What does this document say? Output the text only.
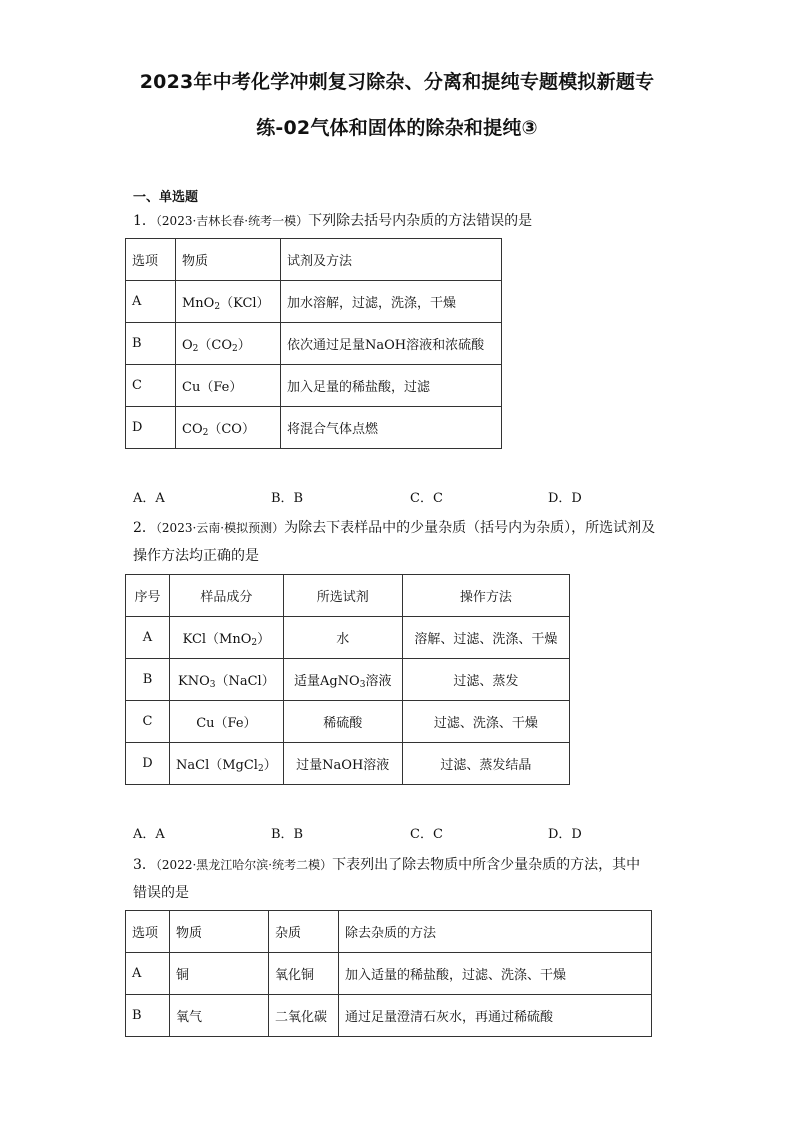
2023年中考化学冲刺复习除杂、分离和提纯专题模拟新题专
练-02气体和固体的除杂和提纯③
一、单选题
1．（2023·吉林长春·统考一模）下列除去括号内杂质的方法错误的是
选项	物质	试剂及方法
A	MnO$_2$（KCl）	加水溶解，过滤，洗涤，干燥
B	$O_2(CO_2)$	依次通过足量NaOH溶液和浓硫酸
C	Cu（Fe）	加入足量的稀盐酸，过滤
D	$CO_2(CO)$	将混合气体点燃
A．A	B．B	C．C	D．D
2．（2023·云南·模拟预测）为除去下表样品中的少量杂质（括号内为杂质），所选试剂及
操作方法均正确的是
序号	样品成分	所选试剂	操作方法
A	KCl（MnO$_2$）	水	溶解、过滤、洗涤、干燥
B	$KNO_3(NaCl)$	适量AgNO$_3$溶液	过滤、蒸发
C	Cu（Fe）	稀硫酸	过滤、洗涤、干燥
D	NaCl（MgCl$_2$）	过量NaOH溶液	过滤、蒸发结晶
A．A	B．B	C．C	D．D
3．（2022·黑龙江哈尔滨·统考二模）下表列出了除去物质中所含少量杂质的方法，其中
错误的是
选项	物质	杂质	除去杂质的方法
A	铜	氧化铜	加入适量的稀盐酸，过滤、洗涤、干燥
B	氧气	二氧化碳	通过足量澄清石灰水，再通过稀硫酸
